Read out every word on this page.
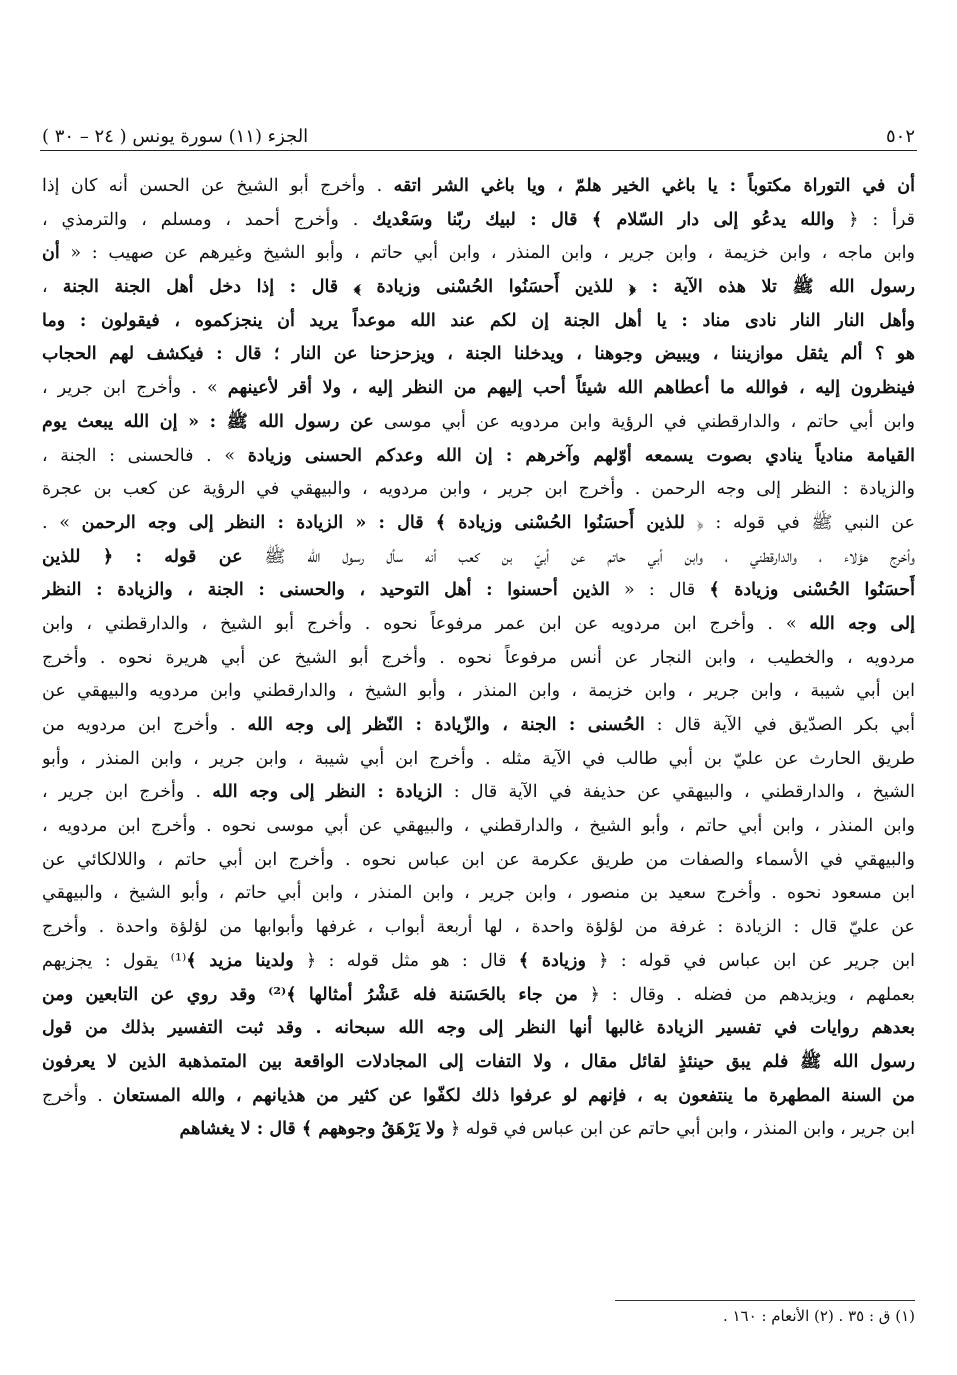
٥٠٢
الجزء (١١) سورة يونس ( ٢٤ – ٣٠ )
أن في التوراة مكتوباً : يا باغي الخير هلمّ ، ويا باغي الشر اتقه . وأخرج أبو الشيخ عن الحسن أنه كان إذا
قرأ : ﴿ والله يدعُو إلى دار السّلام ﴾ قال : لبيك ربّنا وسَعْديك . وأخرج أحمد ، ومسلم ، والترمذي ،
وابن ماجه ، وابن خزيمة ، وابن جرير ، وابن المنذر ، وابن أبي حاتم ، وأبو الشيخ وغيرهم عن صهيب : « أن
رسول الله ﷺ تلا هذه الآية : ﴿ للذين أَحسَنُوا الحُسْنى وزيادة ﴾ قال : إذا دخل أهل الجنة الجنة ،
وأهل النار النار نادى مناد : يا أهل الجنة إن لكم عند الله موعداً يريد أن ينجزكموه ، فيقولون : وما
هو ؟ ألم يثقل موازيننا ، ويبيض وجوهنا ، ويدخلنا الجنة ، ويزحزحنا عن النار ؛ قال : فيكشف لهم الحجاب
فينظرون إليه ، فوالله ما أعطاهم الله شيئاً أحب إليهم من النظر إليه ، ولا أقر لأعينهم » . وأخرج ابن جرير ،
وابن أبي حاتم ، والدارقطني في الرؤية وابن مردويه عن أبي موسى عن رسول الله ﷺ : « إن الله يبعث يوم
القيامة منادياً ينادي بصوت يسمعه أوّلهم وآخرهم : إن الله وعدكم الحسنى وزيادة » . فالحسنى : الجنة ،
والزيادة : النظر إلى وجه الرحمن . وأخرج ابن جرير ، وابن مردويه ، والبيهقي في الرؤية عن كعب بن عجرة
عن النبي ﷺ في قوله : ﴿ للذين أَحسَنُوا الحُسْنى وزيادة ﴾ قال : « الزيادة : النظر إلى وجه الرحمن » .
وأخرج هؤلاء ، والدارقطني ، وابن أبي حاتم عن أبيّ بن كعب أنه سأل رسول الله ﷺ عن قوله : ﴿ للذين
أَحسَنُوا الحُسْنى وزيادة ﴾ قال : « الذين أحسنوا : أهل التوحيد ، والحسنى : الجنة ، والزيادة : النظر
إلى وجه الله » . وأخرج ابن مردويه عن ابن عمر مرفوعاً نحوه . وأخرج أبو الشيخ ، والدارقطني ، وابن
مردويه ، والخطيب ، وابن النجار عن أنس مرفوعاً نحوه . وأخرج أبو الشيخ عن أبي هريرة نحوه . وأخرج
ابن أبي شيبة ، وابن جرير ، وابن خزيمة ، وابن المنذر ، وأبو الشيخ ، والدارقطني وابن مردويه والبيهقي عن
أبي بكر الصدّيق في الآية قال : الحُسنى : الجنة ، والزّيادة : النّظر إلى وجه الله . وأخرج ابن مردويه من
طريق الحارث عن عليّ بن أبي طالب في الآية مثله . وأخرج ابن أبي شيبة ، وابن جرير ، وابن المنذر ، وأبو
الشيخ ، والدارقطني ، والبيهقي عن حذيفة في الآية قال : الزيادة : النظر إلى وجه الله . وأخرج ابن جرير ،
وابن المنذر ، وابن أبي حاتم ، وأبو الشيخ ، والدارقطني ، والبيهقي عن أبي موسى نحوه . وأخرج ابن مردويه ،
والبيهقي في الأسماء والصفات من طريق عكرمة عن ابن عباس نحوه . وأخرج ابن أبي حاتم ، واللالكائي عن
ابن مسعود نحوه . وأخرج سعيد بن منصور ، وابن جرير ، وابن المنذر ، وابن أبي حاتم ، وأبو الشيخ ، والبيهقي
عن عليّ قال : الزيادة : غرفة من لؤلؤة واحدة ، لها أربعة أبواب ، غرفها وأبوابها من لؤلؤة واحدة . وأخرج
ابن جرير عن ابن عباس في قوله : ﴿ وزيادة ﴾ قال : هو مثل قوله : ﴿ ولدينا مزيد ﴾⁽¹⁾ يقول : يجزيهم
بعملهم ، ويزيدهم من فضله . وقال : ﴿ من جاء بالحَسَنة فله عَشْرُ أمثالها ﴾⁽²⁾ وقد روي عن التابعين ومن
بعدهم روايات في تفسير الزيادة غالبها أنها النظر إلى وجه الله سبحانه . وقد ثبت التفسير بذلك من قول
رسول الله ﷺ فلم يبق حينئذٍ لقائل مقال ، ولا التفات إلى المجادلات الواقعة بين المتمذهبة الذين لا يعرفون
من السنة المطهرة ما ينتفعون به ، فإنهم لو عرفوا ذلك لكفّوا عن كثير من هذيانهم ، والله المستعان . وأخرج
ابن جرير ، وابن المنذر ، وابن أبي حاتم عن ابن عباس في قوله ﴿ ولا يَرْهَقُ وجوههم ﴾ قال : لا يغشاهم
(١) ق : ٣٥ . (٢) الأنعام : ١٦٠ .
